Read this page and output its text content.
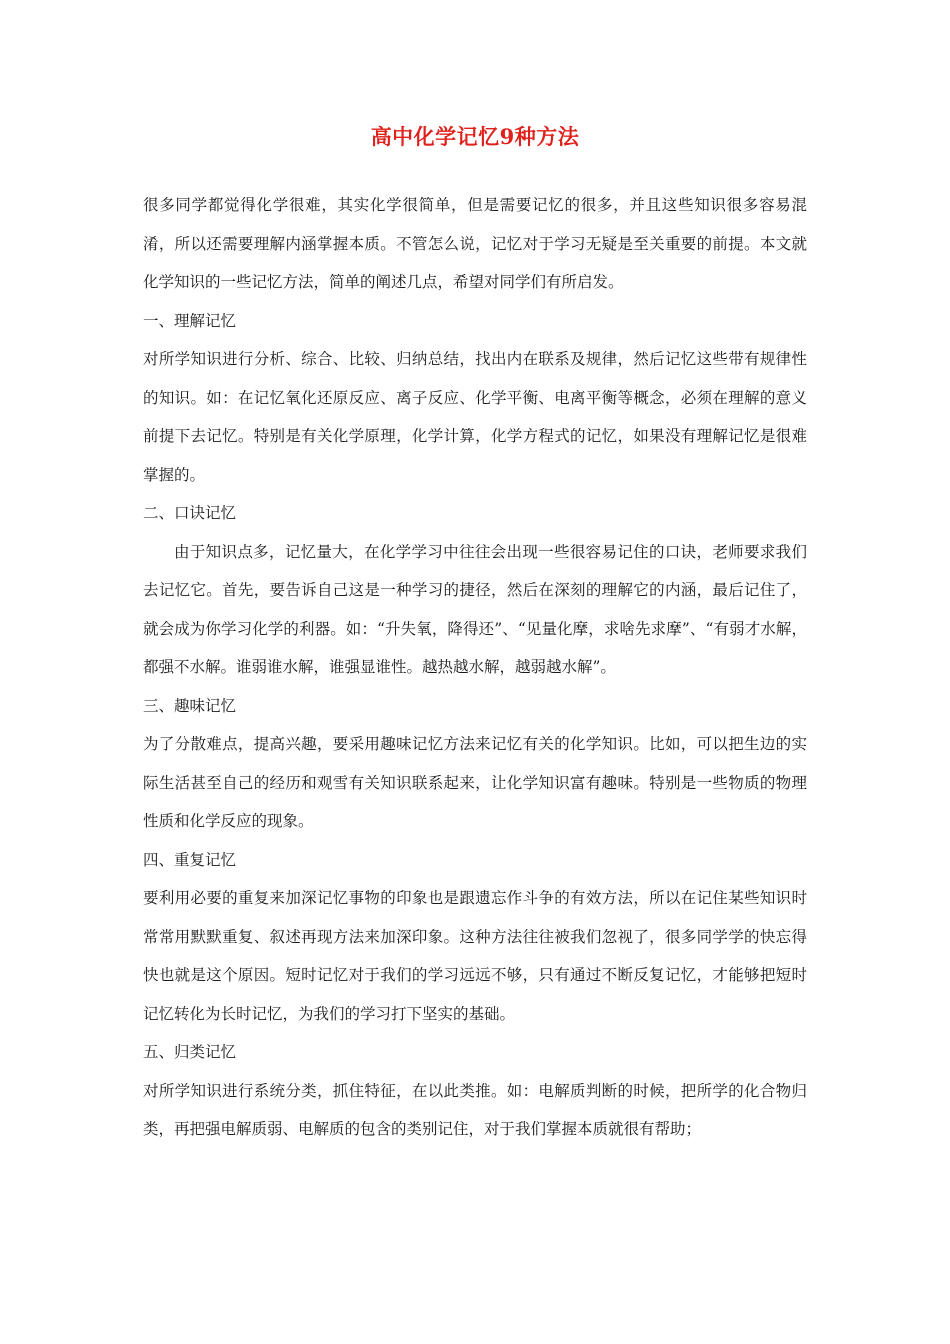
高中化学记忆9种方法

很多同学都觉得化学很难，其实化学很简单，但是需要记忆的很多，并且这些知识很多容易混淆，所以还需要理解内涵掌握本质。不管怎么说，记忆对于学习无疑是至关重要的前提。本文就化学知识的一些记忆方法，简单的阐述几点，希望对同学们有所启发。

一、理解记忆

对所学知识进行分析、综合、比较、归纳总结，找出内在联系及规律，然后记忆这些带有规律性的知识。如：在记忆氧化还原反应、离子反应、化学平衡、电离平衡等概念，必须在理解的意义前提下去记忆。特别是有关化学原理，化学计算，化学方程式的记忆，如果没有理解记忆是很难掌握的。

二、口诀记忆

由于知识点多，记忆量大，在化学学习中往往会出现一些很容易记住的口诀，老师要求我们去记忆它。首先，要告诉自己这是一种学习的捷径，然后在深刻的理解它的内涵，最后记住了，就会成为你学习化学的利器。如：“升失氧，降得还”、“见量化摩，求啥先求摩”、“有弱才水解，都强不水解。谁弱谁水解，谁强显谁性。越热越水解，越弱越水解”。

三、趣味记忆

为了分散难点，提高兴趣，要采用趣味记忆方法来记忆有关的化学知识。比如，可以把生边的实际生活甚至自己的经历和观雪有关知识联系起来，让化学知识富有趣味。特别是一些物质的物理性质和化学反应的现象。

四、重复记忆

要利用必要的重复来加深记忆事物的印象也是跟遗忘作斗争的有效方法，所以在记住某些知识时常常用默默重复、叙述再现方法来加深印象。这种方法往往被我们忽视了，很多同学学的快忘得快也就是这个原因。短时记忆对于我们的学习远远不够，只有通过不断反复记忆，才能够把短时记忆转化为长时记忆，为我们的学习打下坚实的基础。

五、归类记忆

对所学知识进行系统分类，抓住特征，在以此类推。如：电解质判断的时候，把所学的化合物归类，再把强电解质弱、电解质的包含的类别记住，对于我们掌握本质就很有帮助；
